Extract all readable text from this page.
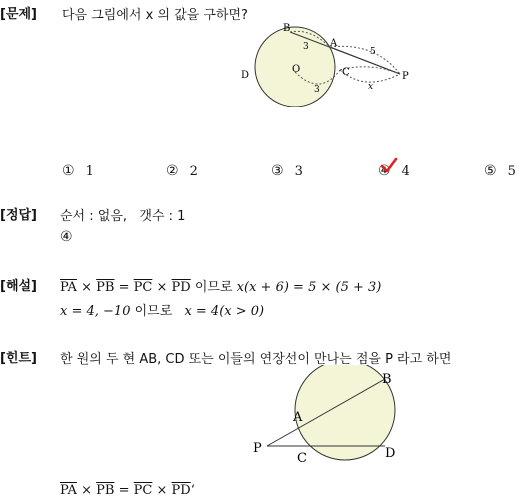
[문제] 다음 그림에서 x 의 값을 구하면?
B
A
C
D
O
P
3
3
5
x
① 1	② 2	③ 3	④ 4	⑤ 5
[정답] 순서 : 없음,   갯수 : 1
④
[해설] $\overline{PA} \times \overline{PB} = \overline{PC} \times \overline{PD}$ 이므로 x(x + 6) = 5 × (5 + 3)
x = 4, −10 이므로 x = 4(x > 0)
[힌트] 한 원의 두 현 AB, CD 또는 이들의 연장선이 만나는 점을 P 라고 하면
A
B
C	D
P
$\overline{PA} \times \overline{PB} = \overline{PC}$ × $\overline{PD}‘$
